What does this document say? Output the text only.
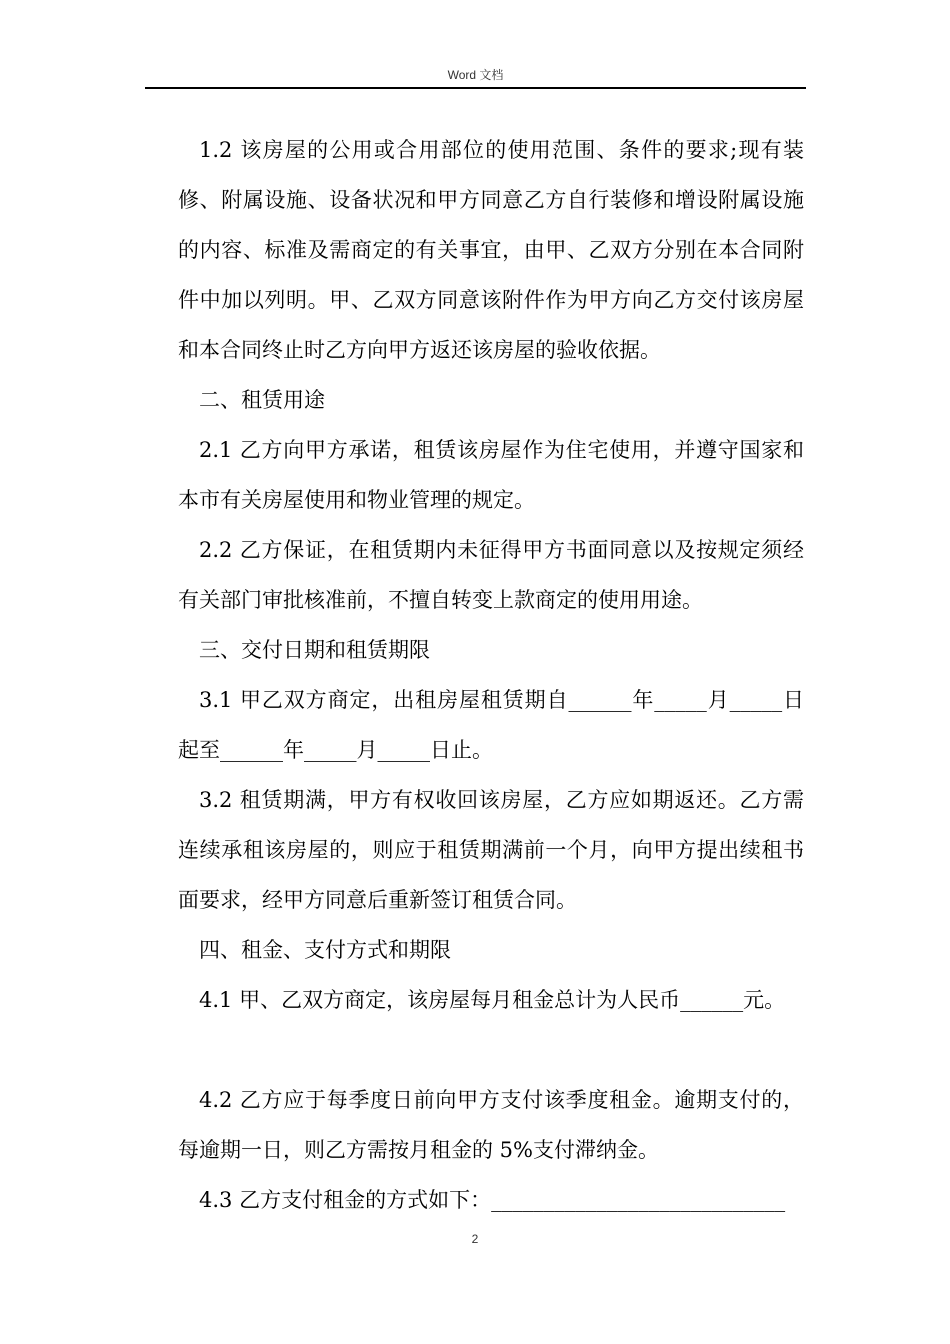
Word 文档

1.2 该房屋的公用或合用部位的使用范围、条件的要求;现有装修、附属设施、设备状况和甲方同意乙方自行装修和增设附属设施的内容、标准及需商定的有关事宜，由甲、乙双方分别在本合同附件中加以列明。甲、乙双方同意该附件作为甲方向乙方交付该房屋和本合同终止时乙方向甲方返还该房屋的验收依据。

二、租赁用途

2.1 乙方向甲方承诺，租赁该房屋作为住宅使用，并遵守国家和本市有关房屋使用和物业管理的规定。

2.2 乙方保证，在租赁期内未征得甲方书面同意以及按规定须经有关部门审批核准前，不擅自转变上款商定的使用用途。

三、交付日期和租赁期限

3.1 甲乙双方商定，出租房屋租赁期自______年_____月_____日起至______年_____月_____日止。

3.2 租赁期满，甲方有权收回该房屋，乙方应如期返还。乙方需连续承租该房屋的，则应于租赁期满前一个月，向甲方提出续租书面要求，经甲方同意后重新签订租赁合同。

四、租金、支付方式和期限

4.1 甲、乙双方商定，该房屋每月租金总计为人民币______元。

4.2 乙方应于每季度日前向甲方支付该季度租金。逾期支付的，每逾期一日，则乙方需按月租金的 5%支付滞纳金。

4.3 乙方支付租金的方式如下：____________________________

2
